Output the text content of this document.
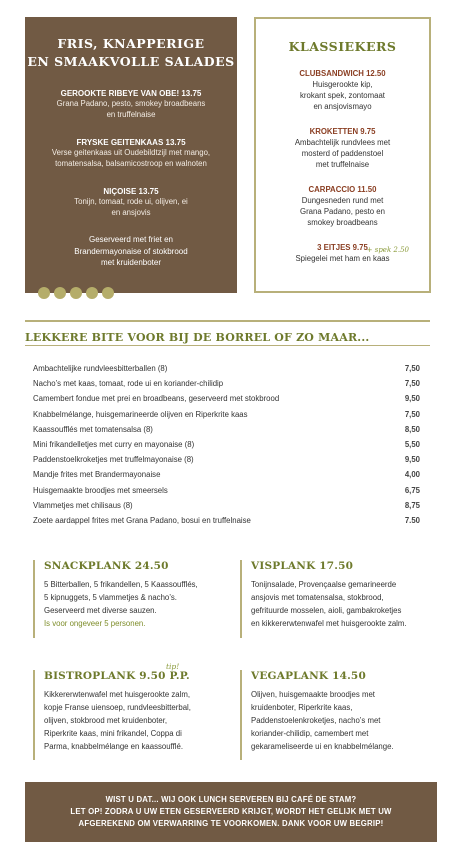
FRIS, KNAPPERIGE
EN SMAAKVOLLE SALADES
GEROOKTE RIBEYE VAN OBE! 13.75
Grana Padano, pesto, smokey broadbeans
en truffelnaise
FRYSKE GEITENKAAS 13.75
Verse geitenkaas uit Oudebildtzijl met mango,
tomatensalsa, balsamicostroop en walnoten
NIÇOISE 13.75
Tonijn, tomaat, rode ui, olijven, ei
en ansjovis
Geserveerd met friet en
Brandermayonaise of stokbrood
met kruidenboter
KLASSIEKERS
CLUBSANDWICH 12.50
Huisgerookte kip,
krokant spek, zontomaat
en ansjovismayo
KROKETTEN 9.75
Ambachtelijk rundvlees met
mosterd of paddenstoel
met truffelnaise
CARPACCIO 11.50
Dungesneden rund met
Grana Padano, pesto en
smokey broadbeans
3 EITJES 9.75
Spiegelei met ham en kaas
+ spek 2.50
LEKKERE BITE VOOR BIJ DE BORREL OF ZO MAAR...
Ambachtelijke rundvleesbitterballen (8)	7,50
Nacho’s met kaas, tomaat, rode ui en koriander-chilidip	7,50
Camembert fondue met prei en broadbeans, geserveerd met stokbrood	9,50
Knabbelmélange, huisgemarineerde olijven en Riperkrite kaas	7,50
Kaassoufflés met tomatensalsa (8)	8,50
Mini frikandelletjes met curry en mayonaise (8)	5,50
Paddenstoelkroketjes met truffelmayonaise (8)	9,50
Mandje frites met Brandermayonaise	4,00
Huisgemaakte broodjes met smeersels	6,75
Vlammetjes met chilisaus (8)	8,75
Zoete aardappel frites met Grana Padano, bosui en truffelnaise	7.50
SNACKPLANK 24.50
5 Bitterballen, 5 frikandellen, 5 Kaassoufflés,
5 kipnuggets, 5 vlammetjes & nacho’s.
Geserveerd met diverse sauzen.
Is voor ongeveer 5 personen.
VISPLANK 17.50
Tonijnsalade, Provençaalse gemarineerde
ansjovis met tomatensalsa, stokbrood,
gefrituurde mosselen, aioli, gambakroketjes
en kikkererwtenwafel met huisgerookte zalm.
BISTROPLANK 9.50 P.P.
Kikkererwtenwafel met huisgerookte zalm,
kopje Franse uiensoep, rundvleesbitterbal,
olijven, stokbrood met kruidenboter,
Riperkrite kaas, mini frikandel, Coppa di
Parma, knabbelmélange en kaassoufflé.
tip!
VEGAPLANK 14.50
Olijven, huisgemaakte broodjes met
kruidenboter, Riperkrite kaas,
Paddenstoelenkroketjes, nacho’s met
koriander-chilidip, camembert met
gekarameliseerde ui en knabbelmélange.
WIST U DAT... WIJ OOK LUNCH SERVEREN BIJ CAFÉ DE STAM?
LET OP! ZODRA U UW ETEN GESERVEERD KRIJGT, WORDT HET GELIJK MET UW
AFGEREKEND OM VERWARRING TE VOORKOMEN. DANK VOOR UW BEGRIP!
